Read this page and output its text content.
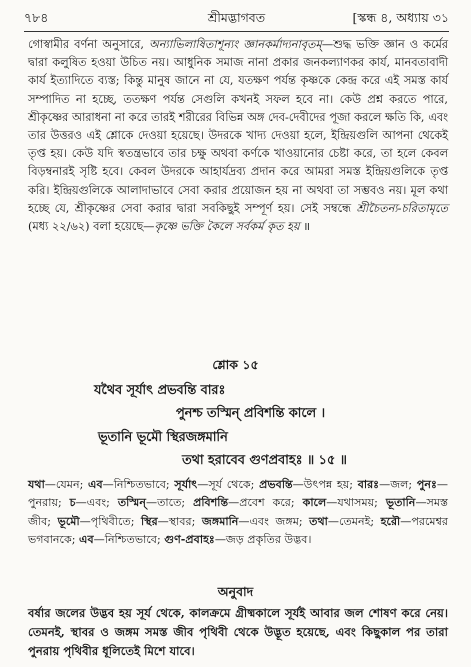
৭৮৪	শ্রীমদ্ভাগবত	[স্কন্ধ ৪, অধ্যায় ৩১

গোস্বামীর বর্ণনা অনুসারে, অন্যাভিলাষিতাশূন্যং জ্ঞানকর্মাদ্যনাবৃতম্—শুদ্ধ ভক্তি জ্ঞান ও কর্মের দ্বারা কলুষিত হওয়া উচিত নয়। আধুনিক সমাজ নানা প্রকার জনকল্যাণকর কার্য, মানবতাবাদী কার্য ইত্যাদিতে ব্যস্ত; কিন্তু মানুষ জানে না যে, যতক্ষণ পর্যন্ত কৃষ্ণকে কেন্দ্র করে এই সমস্ত কার্য সম্পাদিত না হচ্ছে, ততক্ষণ পর্যন্ত সেগুলি কখনই সফল হবে না। কেউ প্রশ্ন করতে পারে, শ্রীকৃষ্ণের আরাধনা না করে তারই শরীরের বিভিন্ন অঙ্গ দেব-দেবীদের পূজা করলে ক্ষতি কি, এবং তার উত্তরও এই শ্লোকে দেওয়া হয়েছে। উদরকে খাদ্য দেওয়া হলে, ইন্দ্রিয়গুলি আপনা থেকেই তৃপ্ত হয়। কেউ যদি স্বতন্ত্রভাবে তার চক্ষু অথবা কর্ণকে খাওয়ানোর চেষ্টা করে, তা হলে কেবল বিড়ম্বনারই সৃষ্টি হবে। কেবল উদরকে আহার্যদ্রব্য প্রদান করে আমরা সমস্ত ইন্দ্রিয়গুলিকে তৃপ্ত করি। ইন্দ্রিয়গুলিকে আলাদাভাবে সেবা করার প্রয়োজন হয় না অথবা তা সম্ভবও নয়। মূল কথা হচ্ছে যে, শ্রীকৃষ্ণের সেবা করার দ্বারা সবকিছুই সম্পূর্ণ হয়। সেই সম্বন্ধে শ্রীচৈতন্য-চরিতামৃতে (মধ্য ২২/৬২) বলা হয়েছে—কৃষ্ণে ভক্তি কৈলে সর্বকর্ম কৃত হয় ॥

শ্লোক ১৫
যথৈব সূর্যাৎ প্রভবন্তি বারঃ
পুনশ্চ তস্মিন্ প্রবিশন্তি কালে ।
ভূতানি ভূমৌ স্থিরজঙ্গমানি
তথা হরাবেব গুণপ্রবাহঃ ॥ ১৫ ॥
যথা—যেমন; এব—নিশ্চিতভাবে; সূর্যাৎ—সূর্য থেকে; প্রভবন্তি—উৎপন্ন হয়; বারঃ—জল; পুনঃ—পুনরায়; চ—এবং; তস্মিন্—তাতে; প্রবিশন্তি—প্রবেশ করে; কালে—যথাসময়; ভূতানি—সমস্ত জীব; ভূমৌ—পৃথিবীতে; স্থির—স্থাবর; জঙ্গমানি—এবং জঙ্গম; তথা—তেমনই; হরৌ—পরমেশ্বর ভগবানকে; এব—নিশ্চিতভাবে; গুণ-প্রবাহঃ—জড় প্রকৃতির উদ্ভব।
অনুবাদ
বর্ষার জলের উদ্ভব হয় সূর্য থেকে, কালক্রমে গ্রীষ্মকালে সূর্যই আবার জল শোষণ করে নেয়। তেমনই, স্থাবর ও জঙ্গম সমস্ত জীব পৃথিবী থেকে উদ্ভূত হয়েছে, এবং কিছুকাল পর তারা পুনরায় পৃথিবীর ধূলিতেই মিশে যাবে।
